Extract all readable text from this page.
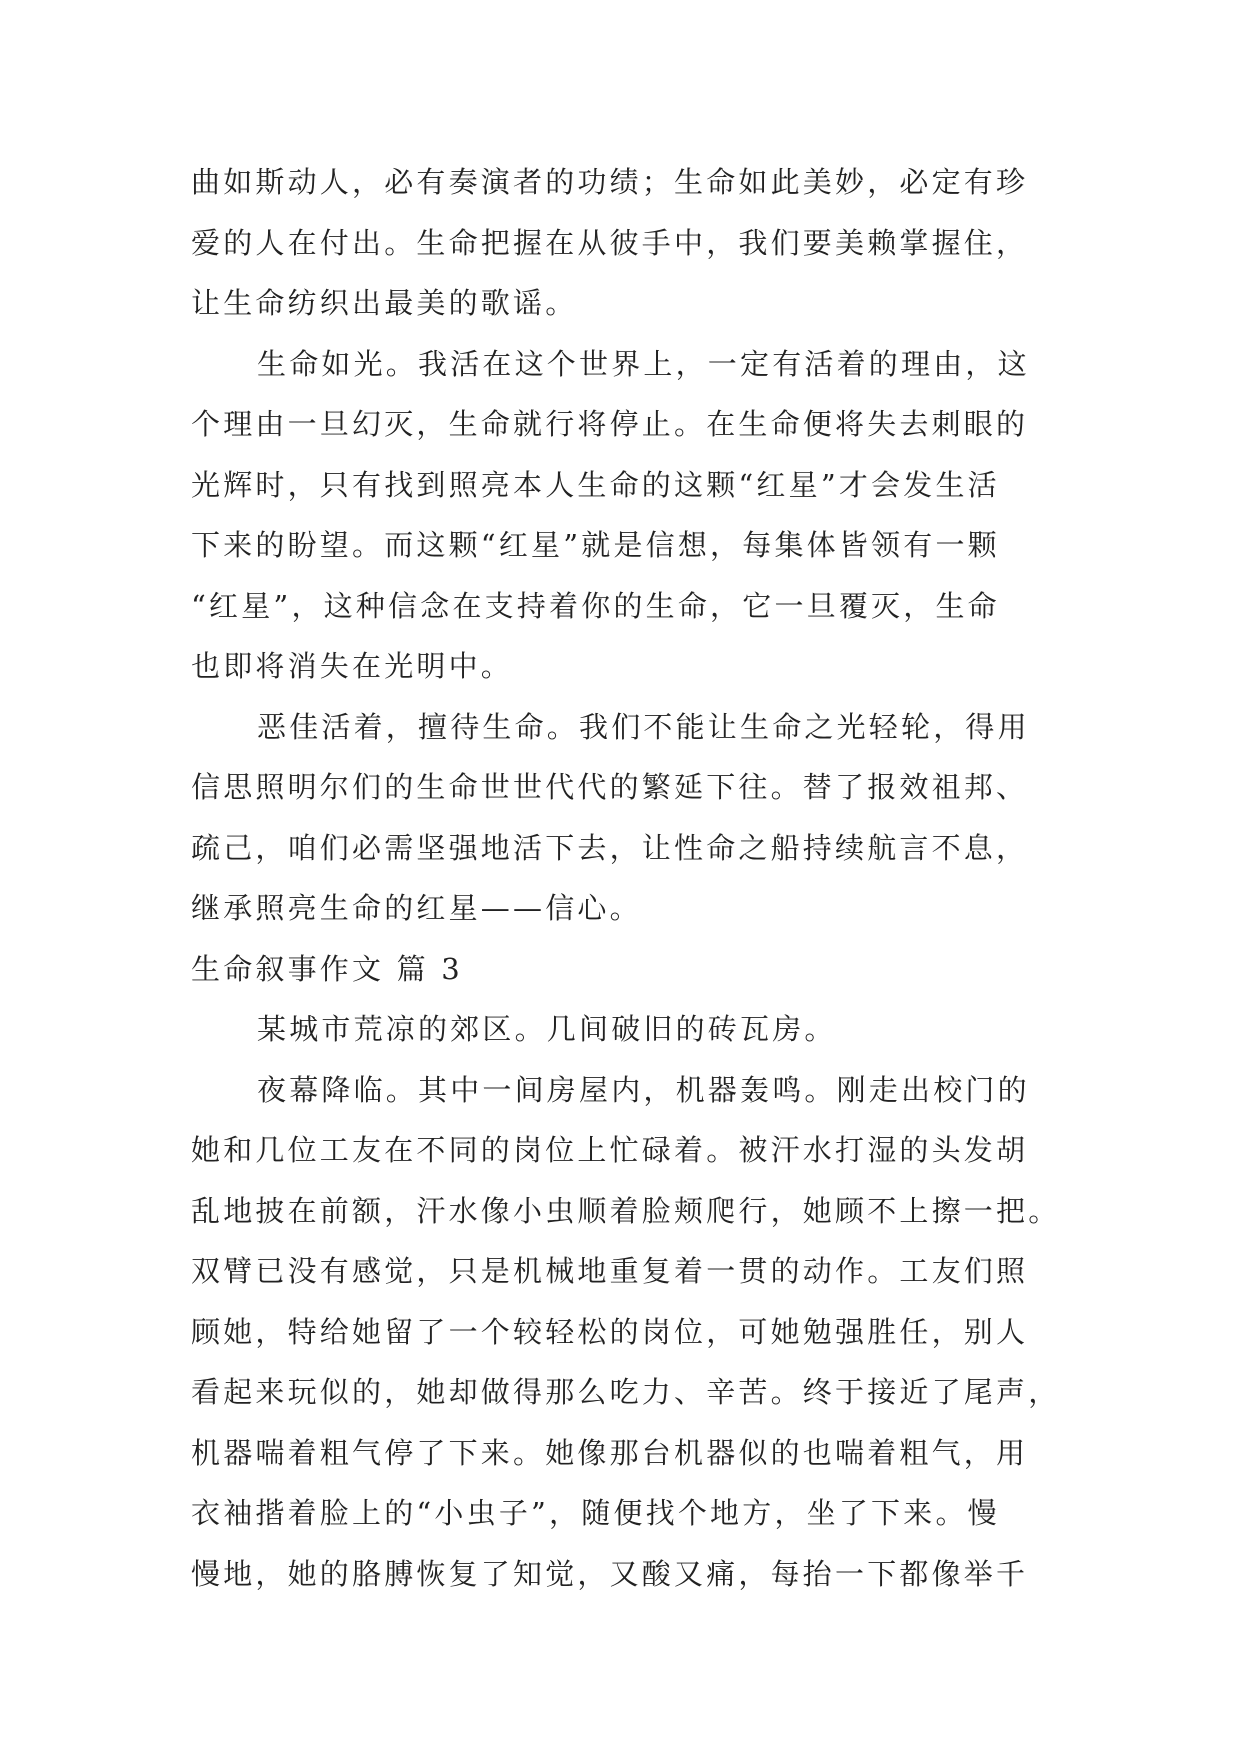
曲如斯动人，必有奏演者的功绩；生命如此美妙，必定有珍
爱的人在付出。生命把握在从彼手中，我们要美赖掌握住，
让生命纺织出最美的歌谣。
生命如光。我活在这个世界上，一定有活着的理由，这
个理由一旦幻灭，生命就行将停止。在生命便将失去刺眼的
光辉时，只有找到照亮本人生命的这颗“红星”才会发生活
下来的盼望。而这颗“红星”就是信想，每集体皆领有一颗
“红星”，这种信念在支持着你的生命，它一旦覆灭，生命
也即将消失在光明中。
恶佳活着，擅待生命。我们不能让生命之光轻轮，得用
信思照明尔们的生命世世代代的繁延下往。替了报效祖邦、
疏己，咱们必需坚强地活下去，让性命之船持续航言不息，
继承照亮生命的红星——信心。
生命叙事作文 篇 3
某城市荒凉的郊区。几间破旧的砖瓦房。
夜幕降临。其中一间房屋内，机器轰鸣。刚走出校门的
她和几位工友在不同的岗位上忙碌着。被汗水打湿的头发胡
乱地披在前额，汗水像小虫顺着脸颊爬行，她顾不上擦一把。
双臂已没有感觉，只是机械地重复着一贯的动作。工友们照
顾她，特给她留了一个较轻松的岗位，可她勉强胜任，别人
看起来玩似的，她却做得那么吃力、辛苦。终于接近了尾声，
机器喘着粗气停了下来。她像那台机器似的也喘着粗气，用
衣袖揩着脸上的“小虫子”，随便找个地方，坐了下来。慢
慢地，她的胳膊恢复了知觉，又酸又痛，每抬一下都像举千
